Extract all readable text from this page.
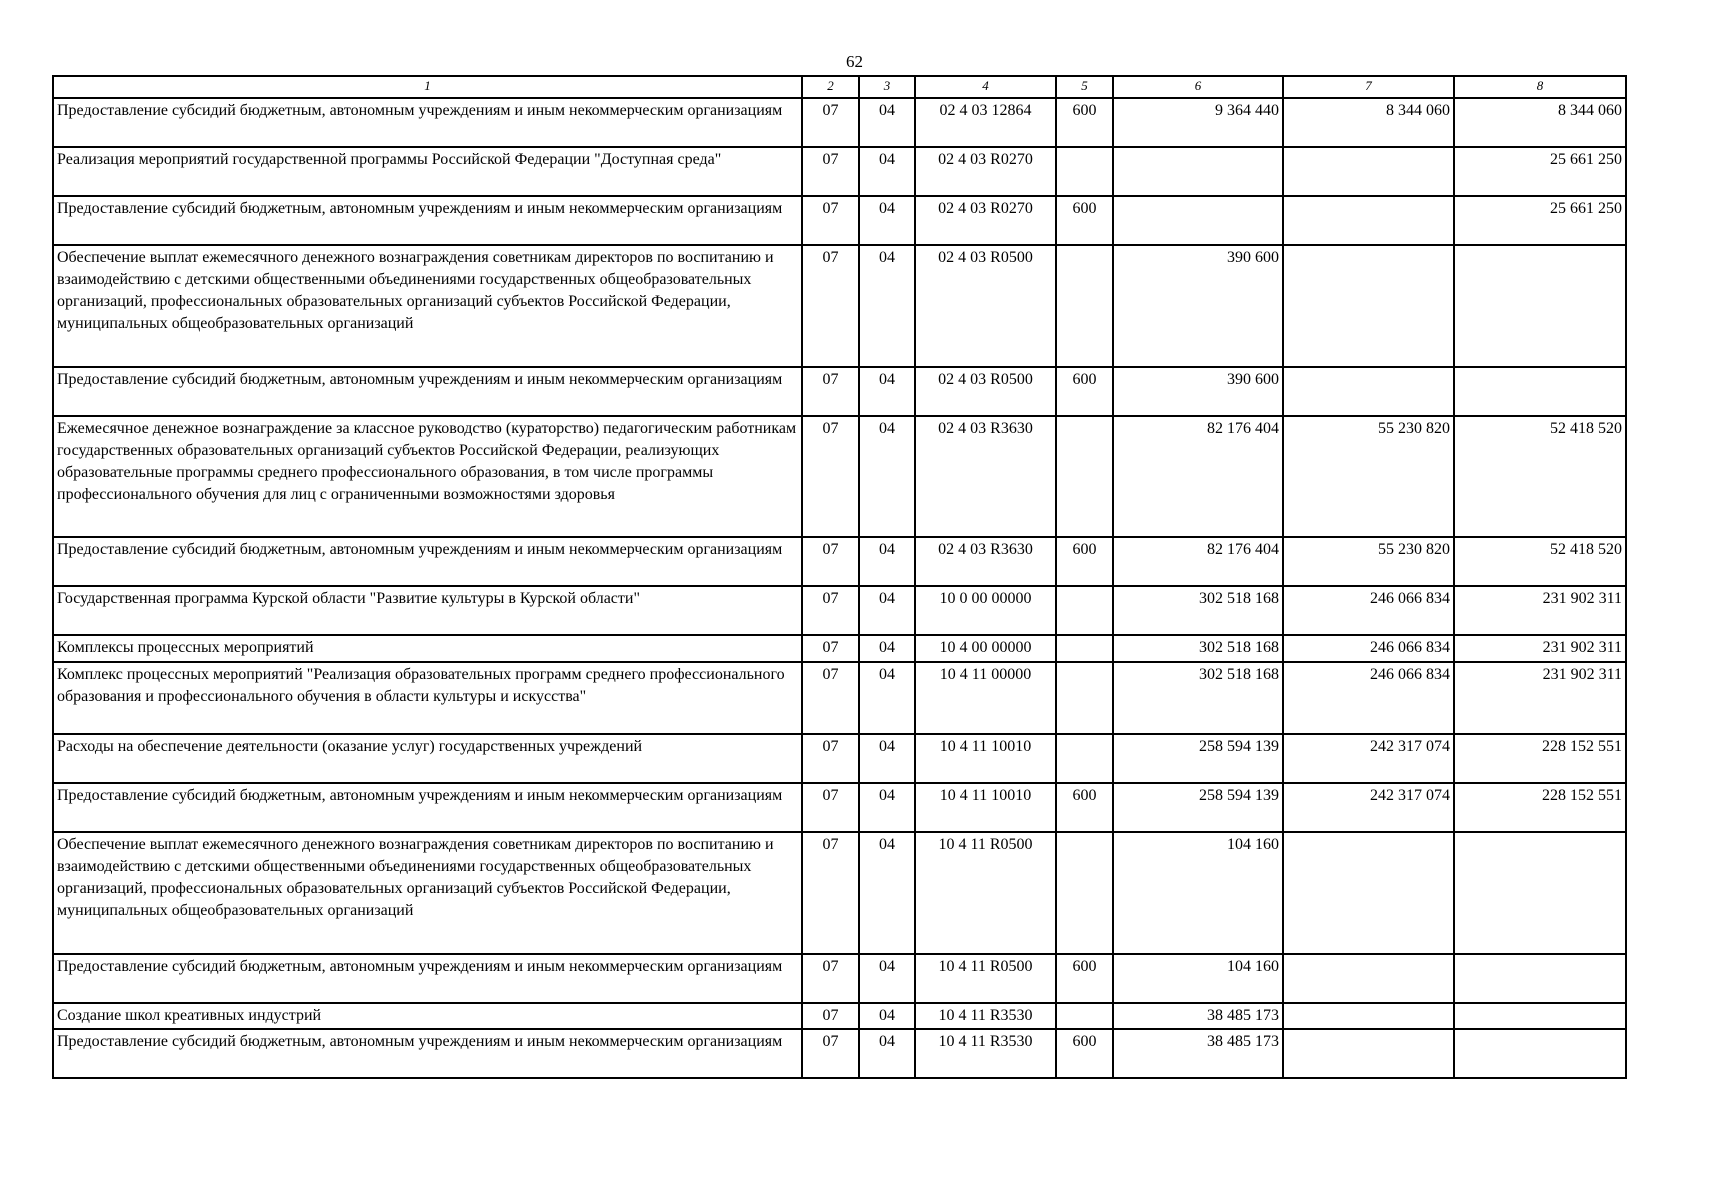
62
1	2	3	4	5	6	7	8
Предоставление субсидий бюджетным, автономным учреждениям и иным некоммерческим организациям	07	04	02 4 03 12864	600	9 364 440	8 344 060	8 344 060
Реализация мероприятий государственной программы Российской Федерации "Доступная среда"	07	04	02 4 03 R0270				25 661 250
Предоставление субсидий бюджетным, автономным учреждениям и иным некоммерческим организациям	07	04	02 4 03 R0270	600			25 661 250
Обеспечение выплат ежемесячного денежного вознаграждения советникам директоров по воспитанию и взаимодействию с детскими общественными объединениями государственных общеобразовательных организаций, профессиональных образовательных организаций субъектов Российской Федерации, муниципальных общеобразовательных организаций	07	04	02 4 03 R0500		390 600		
Предоставление субсидий бюджетным, автономным учреждениям и иным некоммерческим организациям	07	04	02 4 03 R0500	600	390 600		
Ежемесячное денежное вознаграждение за классное руководство (кураторство) педагогическим работникам государственных образовательных организаций субъектов Российской Федерации, реализующих образовательные программы среднего профессионального образования, в том числе программы профессионального обучения для лиц с ограниченными возможностями здоровья	07	04	02 4 03 R3630		82 176 404	55 230 820	52 418 520
Предоставление субсидий бюджетным, автономным учреждениям и иным некоммерческим организациям	07	04	02 4 03 R3630	600	82 176 404	55 230 820	52 418 520
Государственная программа Курской области "Развитие культуры в Курской области"	07	04	10 0 00 00000		302 518 168	246 066 834	231 902 311
Комплексы процессных мероприятий	07	04	10 4 00 00000		302 518 168	246 066 834	231 902 311
Комплекс процессных мероприятий "Реализация образовательных программ среднего профессионального образования и профессионального обучения в области культуры и искусства"	07	04	10 4 11 00000		302 518 168	246 066 834	231 902 311
Расходы на обеспечение деятельности (оказание услуг) государственных учреждений	07	04	10 4 11 10010		258 594 139	242 317 074	228 152 551
Предоставление субсидий бюджетным, автономным учреждениям и иным некоммерческим организациям	07	04	10 4 11 10010	600	258 594 139	242 317 074	228 152 551
Обеспечение выплат ежемесячного денежного вознаграждения советникам директоров по воспитанию и взаимодействию с детскими общественными объединениями государственных общеобразовательных организаций, профессиональных образовательных организаций субъектов Российской Федерации, муниципальных общеобразовательных организаций	07	04	10 4 11 R0500		104 160		
Предоставление субсидий бюджетным, автономным учреждениям и иным некоммерческим организациям	07	04	10 4 11 R0500	600	104 160		
Создание школ креативных индустрий	07	04	10 4 11 R3530		38 485 173		
Предоставление субсидий бюджетным, автономным учреждениям и иным некоммерческим организациям	07	04	10 4 11 R3530	600	38 485 173		
